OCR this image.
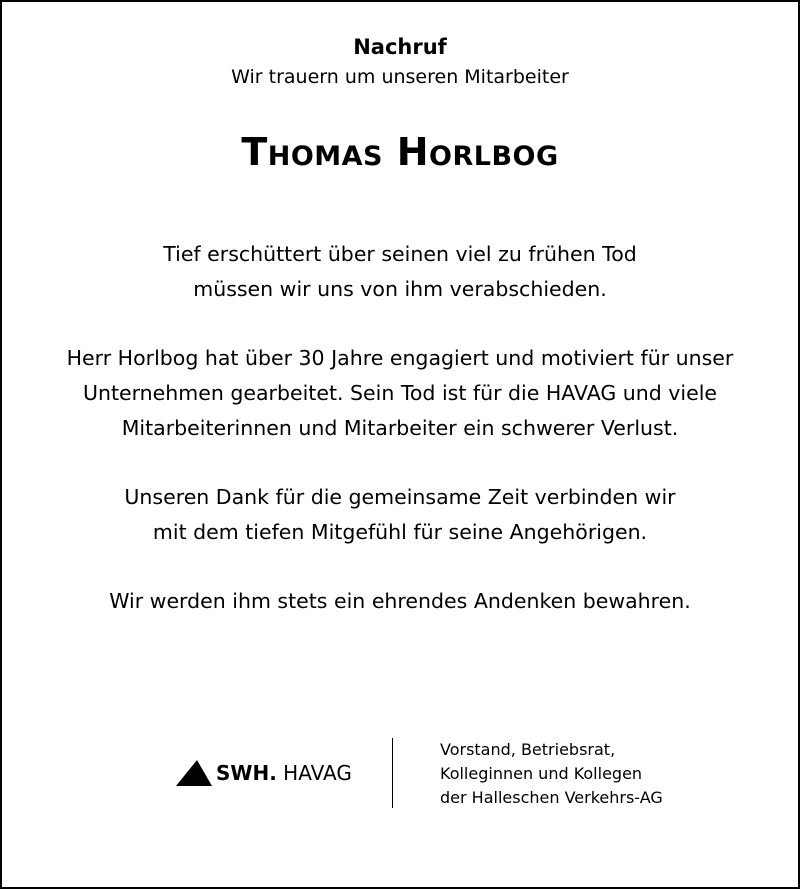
Nachruf
Wir trauern um unseren Mitarbeiter
Thomas Horlbog

Tief erschüttert über seinen viel zu frühen Tod
müssen wir uns von ihm verabschieden.

Herr Horlbog hat über 30 Jahre engagiert und motiviert für unser
Unternehmen gearbeitet. Sein Tod ist für die HAVAG und viele
Mitarbeiterinnen und Mitarbeiter ein schwerer Verlust.

Unseren Dank für die gemeinsame Zeit verbinden wir
mit dem tiefen Mitgefühl für seine Angehörigen.

Wir werden ihm stets ein ehrendes Andenken bewahren.

SWH. HAVAG
Vorstand, Betriebsrat,
Kolleginnen und Kollegen
der Halleschen Verkehrs-AG
